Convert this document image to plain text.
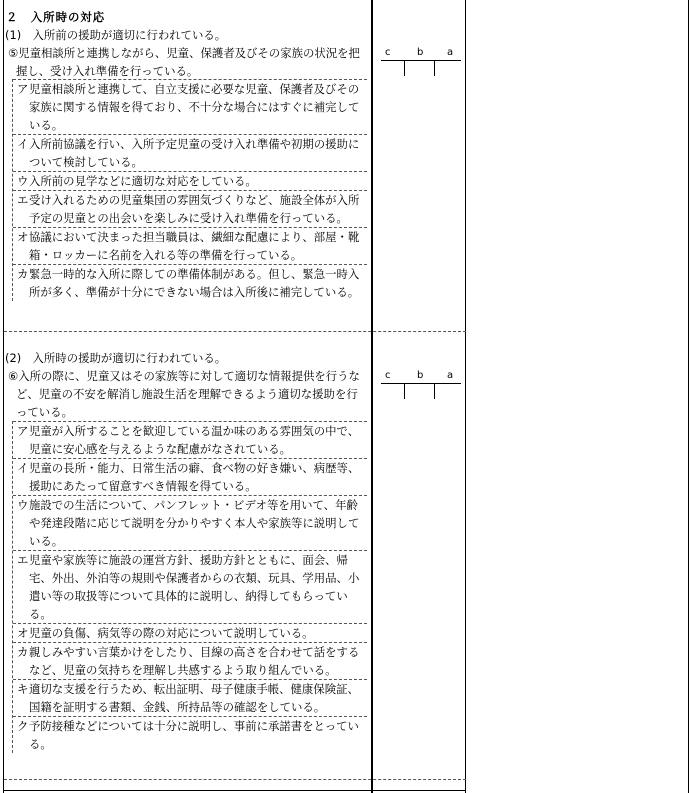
２　入所時の対応
(1)　入所前の援助が適切に行われている。
⑤児童相談所と連携しながら、児童、保護者及びその家族の状況を把握し、受け入れ準備を行っている。
ア 児童相談所と連携して、自立支援に必要な児童、保護者及びその家族に関する情報を得ており、不十分な場合にはすぐに補完している。
イ 入所前協議を行い、入所予定児童の受け入れ準備や初期の援助について検討している。
ウ 入所前の見学などに適切な対応をしている。
エ 受け入れるための児童集団の雰囲気づくりなど、施設全体が入所予定の児童との出会いを楽しみに受け入れ準備を行っている。
オ 協議において決まった担当職員は、繊細な配慮により、部屋・靴箱・ロッカーに名前を入れる等の準備を行っている。
カ 緊急一時的な入所に際しての準備体制がある。但し、緊急一時入所が多く、準備が十分にできない場合は入所後に補完している。
c	b a
(2)　入所時の援助が適切に行われている。
⑥入所の際に、児童又はその家族等に対して適切な情報提供を行うなど、児童の不安を解消し施設生活を理解できるよう適切な援助を行っている。
ア 児童が入所することを歓迎している温か味のある雰囲気の中で、児童に安心感を与えるような配慮がなされている。
イ 児童の長所・能力、日常生活の癖、食べ物の好き嫌い、病歴等、援助にあたって留意すべき情報を得ている。
ウ 施設での生活について、パンフレット・ビデオ等を用いて、年齢や発達段階に応じて説明を分かりやすく本人や家族等に説明している。
エ 児童や家族等に施設の運営方針、援助方針とともに、面会、帰宅、外出、外泊等の規則や保護者からの衣類、玩具、学用品、小遣い等の取扱等について具体的に説明し、納得してもらっている。
オ 児童の負傷、病気等の際の対応について説明している。
カ 親しみやすい言葉かけをしたり、目線の高さを合わせて話をするなど、児童の気持ちを理解し共感するよう取り組んでいる。
キ 適切な支援を行うため、転出証明、母子健康手帳、健康保険証、国籍を証明する書類、金銭、所持品等の確認をしている。
ク 予防接種などについては十分に説明し、事前に承諾書をとっている。
c	b a
